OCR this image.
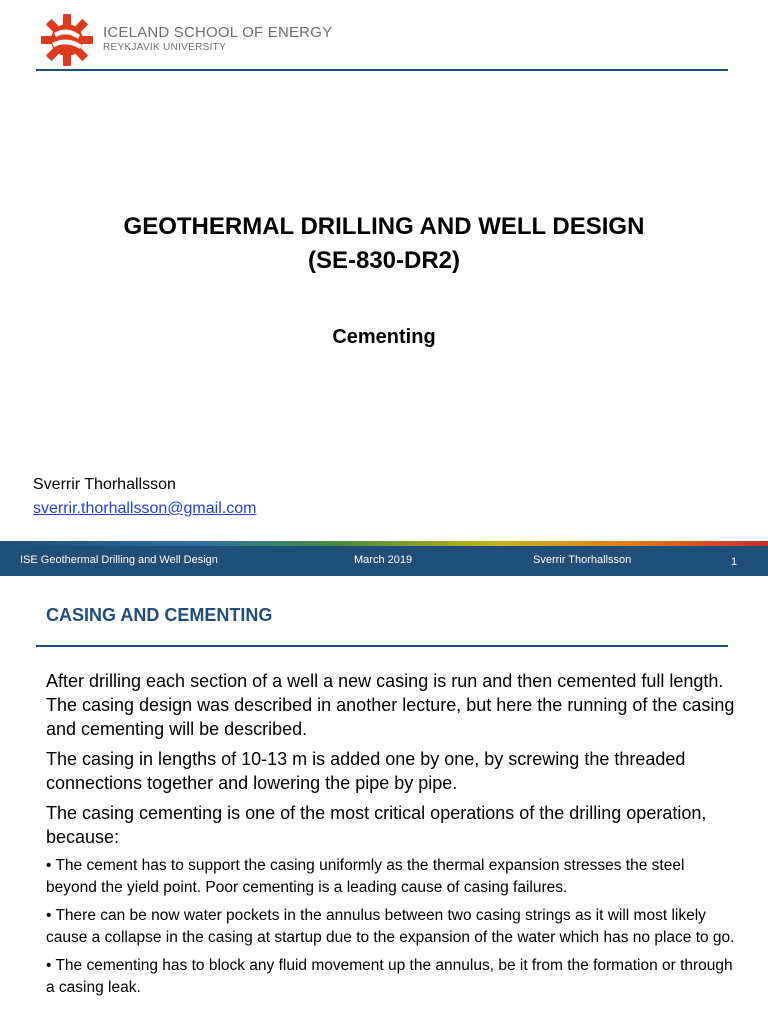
ICELAND SCHOOL OF ENERGY
REYKJAVIK UNIVERSITY
GEOTHERMAL DRILLING AND WELL DESIGN
(SE-830-DR2)
Cementing
Sverrir Thorhallsson
sverrir.thorhallsson@gmail.com
ISE Geothermal Drilling and Well Design	March 2019	Sverrir Thorhallsson	1
CASING AND CEMENTING

After drilling each section of a well a new casing is run and then cemented full length. The casing design was described in another lecture, but here the running of the casing and cementing will be described.

The casing in lengths of 10-13 m is added one by one, by screwing the threaded connections together and lowering the pipe by pipe.

The casing cementing is one of the most critical operations of the drilling operation, because:

• The cement has to support the casing uniformly as the thermal expansion stresses the steel beyond the yield point. Poor cementing is a leading cause of casing failures.

• There can be now water pockets in the annulus between two casing strings as it will most likely cause a collapse in the casing at startup due to the expansion of the water which has no place to go.

• The cementing has to block any fluid movement up the annulus, be it from the formation or through a casing leak.
